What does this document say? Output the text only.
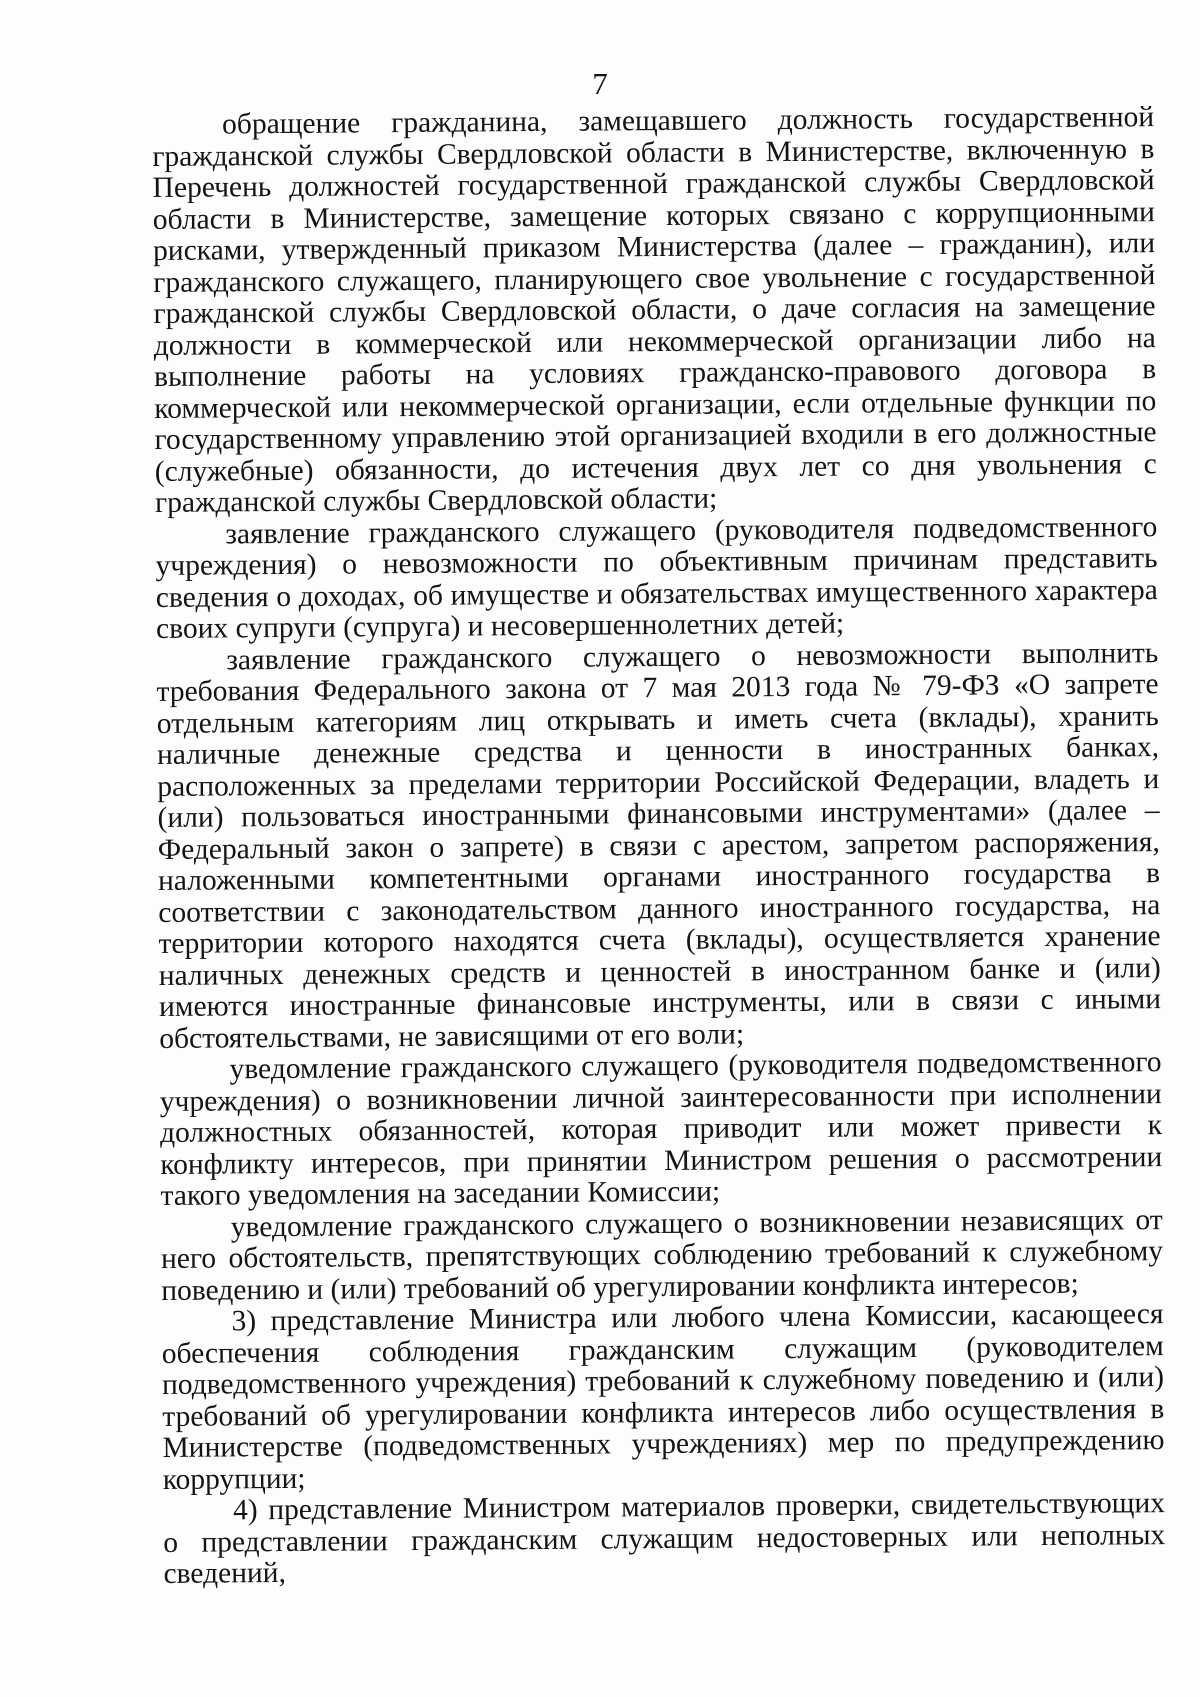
7

обращение гражданина, замещавшего должность государственной гражданской службы Свердловской области в Министерстве, включенную в Перечень должностей государственной гражданской службы Свердловской области в Министерстве, замещение которых связано с коррупционными рисками, утвержденный приказом Министерства (далее – гражданин), или гражданского служащего, планирующего свое увольнение с государственной гражданской службы Свердловской области, о даче согласия на замещение должности в коммерческой или некоммерческой организации либо на выполнение работы на условиях гражданско-правового договора в коммерческой или некоммерческой организации, если отдельные функции по государственному управлению этой организацией входили в его должностные (служебные) обязанности, до истечения двух лет со дня увольнения с гражданской службы Свердловской области;

заявление гражданского служащего (руководителя подведомственного учреждения) о невозможности по объективным причинам представить сведения о доходах, об имуществе и обязательствах имущественного характера своих супруги (супруга) и несовершеннолетних детей;

заявление гражданского служащего о невозможности выполнить требования Федерального закона от 7 мая 2013 года № 79-ФЗ «О запрете отдельным категориям лиц открывать и иметь счета (вклады), хранить наличные денежные средства и ценности в иностранных банках, расположенных за пределами территории Российской Федерации, владеть и (или) пользоваться иностранными финансовыми инструментами» (далее – Федеральный закон о запрете) в связи с арестом, запретом распоряжения, наложенными компетентными органами иностранного государства в соответствии с законодательством данного иностранного государства, на территории которого находятся счета (вклады), осуществляется хранение наличных денежных средств и ценностей в иностранном банке и (или) имеются иностранные финансовые инструменты, или в связи с иными обстоятельствами, не зависящими от его воли;

уведомление гражданского служащего (руководителя подведомственного учреждения) о возникновении личной заинтересованности при исполнении должностных обязанностей, которая приводит или может привести к конфликту интересов, при принятии Министром решения о рассмотрении такого уведомления на заседании Комиссии;

уведомление гражданского служащего о возникновении независящих от него обстоятельств, препятствующих соблюдению требований к служебному поведению и (или) требований об урегулировании конфликта интересов;

3) представление Министра или любого члена Комиссии, касающееся обеспечения соблюдения гражданским служащим (руководителем подведомственного учреждения) требований к служебному поведению и (или) требований об урегулировании конфликта интересов либо осуществления в Министерстве (подведомственных учреждениях) мер по предупреждению коррупции;

4) представление Министром материалов проверки, свидетельствующих о представлении гражданским служащим недостоверных или неполных сведений,
